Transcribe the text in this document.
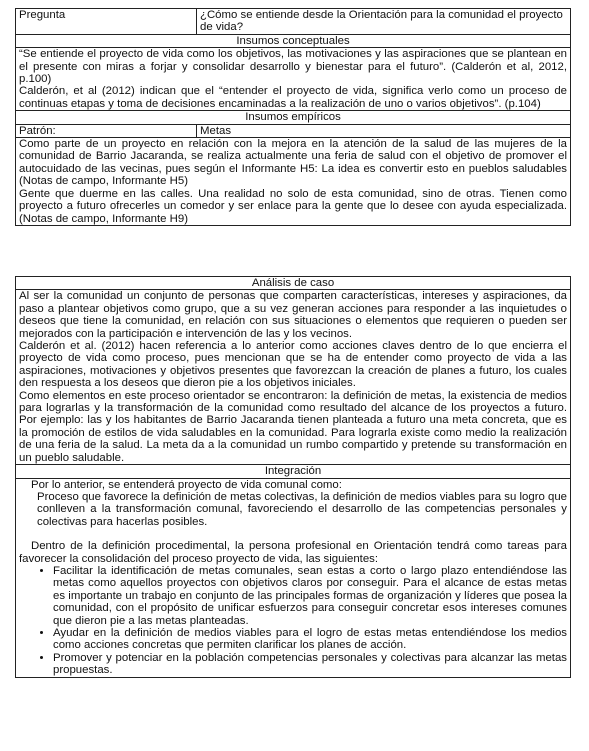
Pregunta	¿Cómo se entiende desde la Orientación para la comunidad el proyecto de vida?
Insumos conceptuales	

“Se entiende el proyecto de vida como los objetivos, las motivaciones y las aspiraciones que se plantean en el presente con miras a forjar y consolidar desarrollo y bienestar para el futuro”. (Calderón et al, 2012, p.100)

Calderón, et al (2012) indican que el “entender el proyecto de vida, significa verlo como un proceso de continuas etapas y toma de decisiones encaminadas a la realización de uno o varios objetivos”. (p.104)	

Insumos empíricos	
Patrón:	Metas

Como parte de un proyecto en relación con la mejora en la atención de la salud de las mujeres de la comunidad de Barrio Jacaranda, se realiza actualmente una feria de salud con el objetivo de promover el autocuidado de las vecinas, pues según el Informante H5: La idea es convertir esto en pueblos saludables (Notas de campo, Informante H5)

Gente que duerme en las calles. Una realidad no solo de esta comunidad, sino de otras. Tienen como proyecto a futuro ofrecerles un comedor y ser enlace para la gente que lo desee con ayuda especializada. (Notas de campo, Informante H9)	

Análisis de caso

Al ser la comunidad un conjunto de personas que comparten características, intereses y aspiraciones, da paso a plantear objetivos como grupo, que a su vez generan acciones para responder a las inquietudes o deseos que tiene la comunidad, en relación con sus situaciones o elementos que requieren o pueden ser mejorados con la participación e intervención de las y los vecinos.

Calderón et al. (2012) hacen referencia a lo anterior como acciones claves dentro de lo que encierra el proyecto de vida como proceso, pues mencionan que se ha de entender como proyecto de vida a las aspiraciones, motivaciones y objetivos presentes que favorezcan la creación de planes a futuro, los cuales den respuesta a los deseos que dieron pie a los objetivos iniciales.

Como elementos en este proceso orientador se encontraron: la definición de metas, la existencia de medios para lograrlas y la transformación de la comunidad como resultado del alcance de los proyectos a futuro. Por ejemplo: las y los habitantes de Barrio Jacaranda tienen planteada a futuro una meta concreta, que es la promoción de estilos de vida saludables en la comunidad. Para lograrla existe como medio la realización de una feria de la salud. La meta da a la comunidad un rumbo compartido y pretende su transformación en un pueblo saludable.

Integración

Por lo anterior, se entenderá proyecto de vida comunal como:

Proceso que favorece la definición de metas colectivas, la definición de medios viables para su logro que conlleven a la transformación comunal, favoreciendo el desarrollo de las competencias personales y colectivas para hacerlas posibles.

Dentro de la definición procedimental, la persona profesional en Orientación tendrá como tareas para favorecer la consolidación del proceso proyecto de vida, las siguientes:

• Facilitar la identificación de metas comunales, sean estas a corto o largo plazo entendiéndose las metas como aquellos proyectos con objetivos claros por conseguir. Para el alcance de estas metas es importante un trabajo en conjunto de las principales formas de organización y líderes que posea la comunidad, con el propósito de unificar esfuerzos para conseguir concretar esos intereses comunes que dieron pie a las metas planteadas.
• Ayudar en la definición de medios viables para el logro de estas metas entendiéndose los medios como acciones concretas que permiten clarificar los planes de acción.
• Promover y potenciar en la población competencias personales y colectivas para alcanzar las metas propuestas.
